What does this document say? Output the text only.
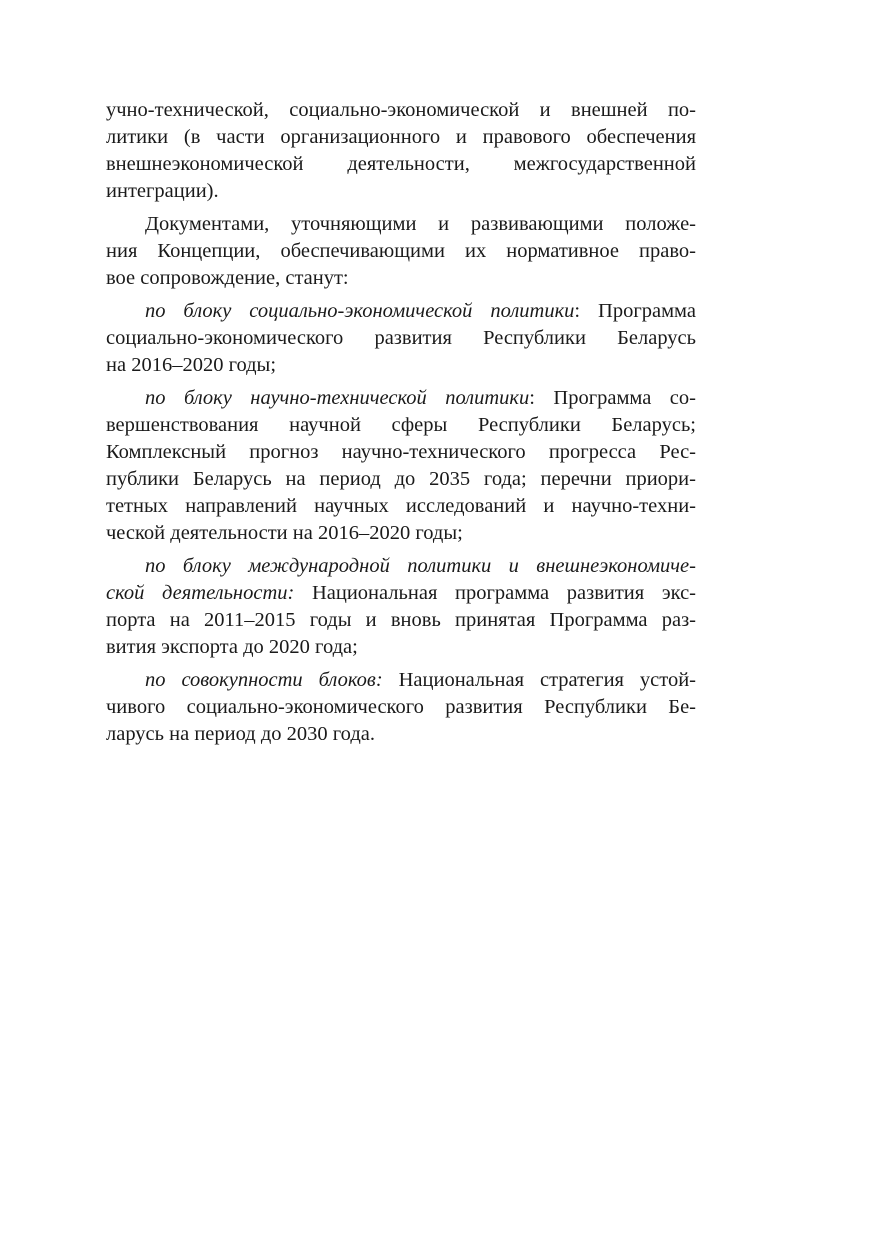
учно-технической, социально-экономической и внешней по-
литики (в части организационного и правового обеспечения
внешнеэкономической деятельности, межгосударственной
интеграции).
Документами, уточняющими и развивающими положе-
ния Концепции, обеспечивающими их нормативное право-
вое сопровождение, станут:
по блоку социально-экономической политики: Программа
социально-экономического развития Республики Беларусь
на 2016–2020 годы;
по блоку научно-технической политики: Программа со-
вершенствования научной сферы Республики Беларусь;
Комплексный прогноз научно-технического прогресса Рес-
публики Беларусь на период до 2035 года; перечни приори-
тетных направлений научных исследований и научно-техни-
ческой деятельности на 2016–2020 годы;
по блоку международной политики и внешнеэкономиче-
ской деятельности: Национальная программа развития экс-
порта на 2011–2015 годы и вновь принятая Программа раз-
вития экспорта до 2020 года;
по совокупности блоков: Национальная стратегия устой-
чивого социально-экономического развития Республики Бе-
ларусь на период до 2030 года.
